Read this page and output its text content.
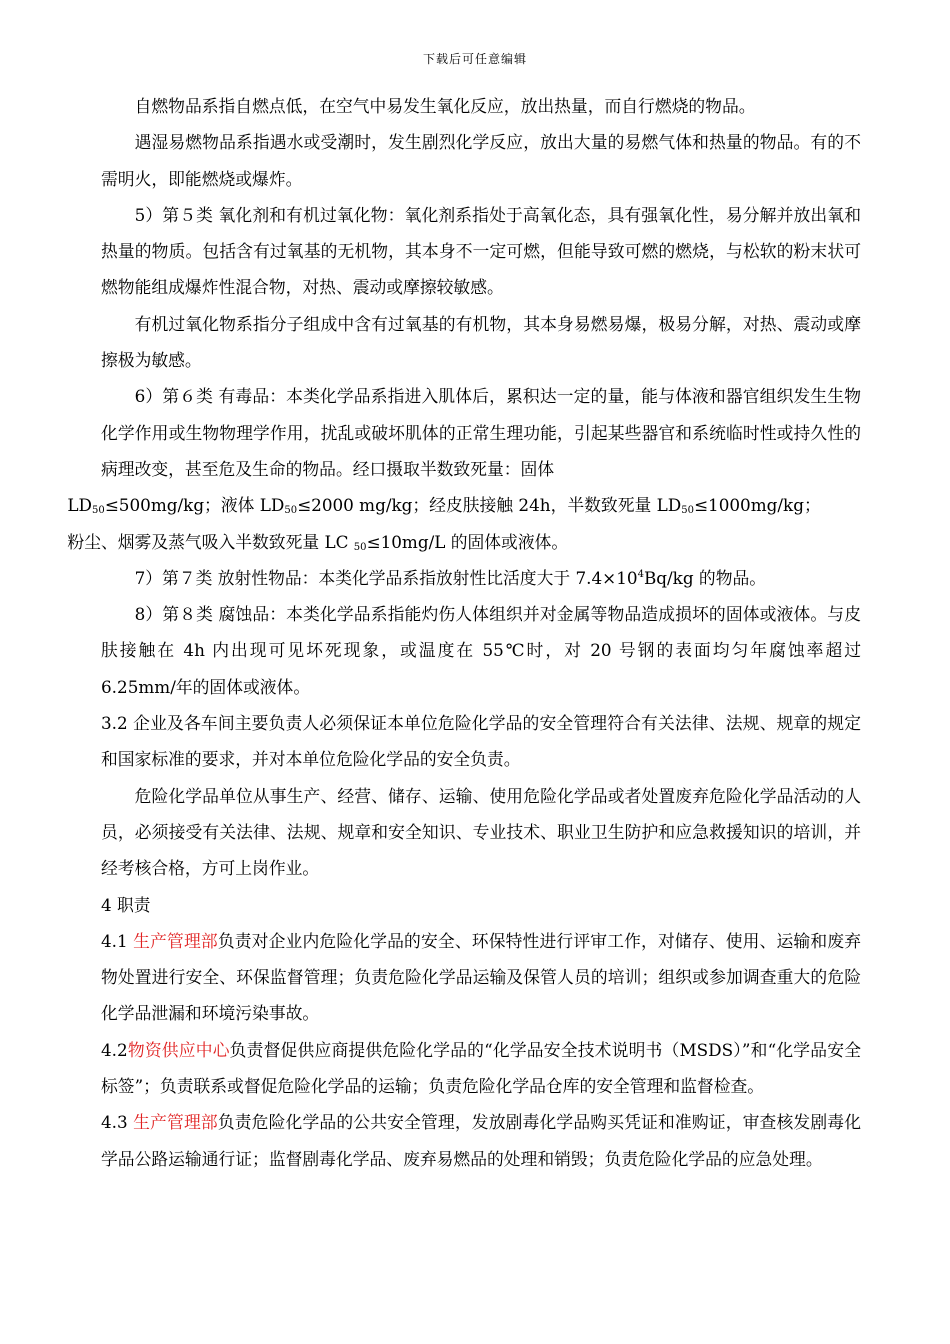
下载后可任意编辑

自燃物品系指自燃点低，在空气中易发生氧化反应，放出热量，而自行燃烧的物品。

遇湿易燃物品系指遇水或受潮时，发生剧烈化学反应，放出大量的易燃气体和热量的物品。有的不需明火，即能燃烧或爆炸。

5）第５类 氧化剂和有机过氧化物：氧化剂系指处于高氧化态，具有强氧化性，易分解并放出氧和热量的物质。包括含有过氧基的无机物，其本身不一定可燃，但能导致可燃的燃烧，与松软的粉末状可燃物能组成爆炸性混合物，对热、震动或摩擦较敏感。

有机过氧化物系指分子组成中含有过氧基的有机物，其本身易燃易爆，极易分解，对热、震动或摩擦极为敏感。

6）第６类 有毒品：本类化学品系指进入肌体后，累积达一定的量，能与体液和器官组织发生生物化学作用或生物物理学作用，扰乱或破坏肌体的正常生理功能，引起某些器官和系统临时性或持久性的病理改变，甚至危及生命的物品。经口摄取半数致死量：固体
$LD_{50}\le 500mg/kg$；液体 $LD_{50}\le 2000$ mg/kg；经皮肤接触 24h，半数致死量 $LD_{50}\le 1000mg/kg$；
粉尘、烟雾及蒸气吸入半数致死量 LC $_{50}$≤10mg/L 的固体或液体。

7）第７类 放射性物品：本类化学品系指放射性比活度大于 $7.4\times 10^4Bq/kg$ 的物品。

8）第８类 腐蚀品：本类化学品系指能灼伤人体组织并对金属等物品造成损坏的固体或液体。与皮肤接触在 4h 内出现可见坏死现象，或温度在 55℃时，对 20 号钢的表面均匀年腐蚀率超过 6.25mm/年的固体或液体。

3.2 企业及各车间主要负责人必须保证本单位危险化学品的安全管理符合有关法律、法规、规章的规定和国家标准的要求，并对本单位危险化学品的安全负责。

危险化学品单位从事生产、经营、储存、运输、使用危险化学品或者处置废弃危险化学品活动的人员，必须接受有关法律、法规、规章和安全知识、专业技术、职业卫生防护和应急救援知识的培训，并经考核合格，方可上岗作业。

4 职责

4.1 生产管理部负责对企业内危险化学品的安全、环保特性进行评审工作，对储存、使用、运输和废弃物处置进行安全、环保监督管理；负责危险化学品运输及保管人员的培训；组织或参加调查重大的危险化学品泄漏和环境污染事故。

4.2物资供应中心负责督促供应商提供危险化学品的“化学品安全技术说明书（MSDS）”和“化学品安全标签”；负责联系或督促危险化学品的运输；负责危险化学品仓库的安全管理和监督检查。

4.3 生产管理部负责危险化学品的公共安全管理，发放剧毒化学品购买凭证和准购证，审查核发剧毒化学品公路运输通行证；监督剧毒化学品、废弃易燃品的处理和销毁；负责危险化学品的应急处理。
